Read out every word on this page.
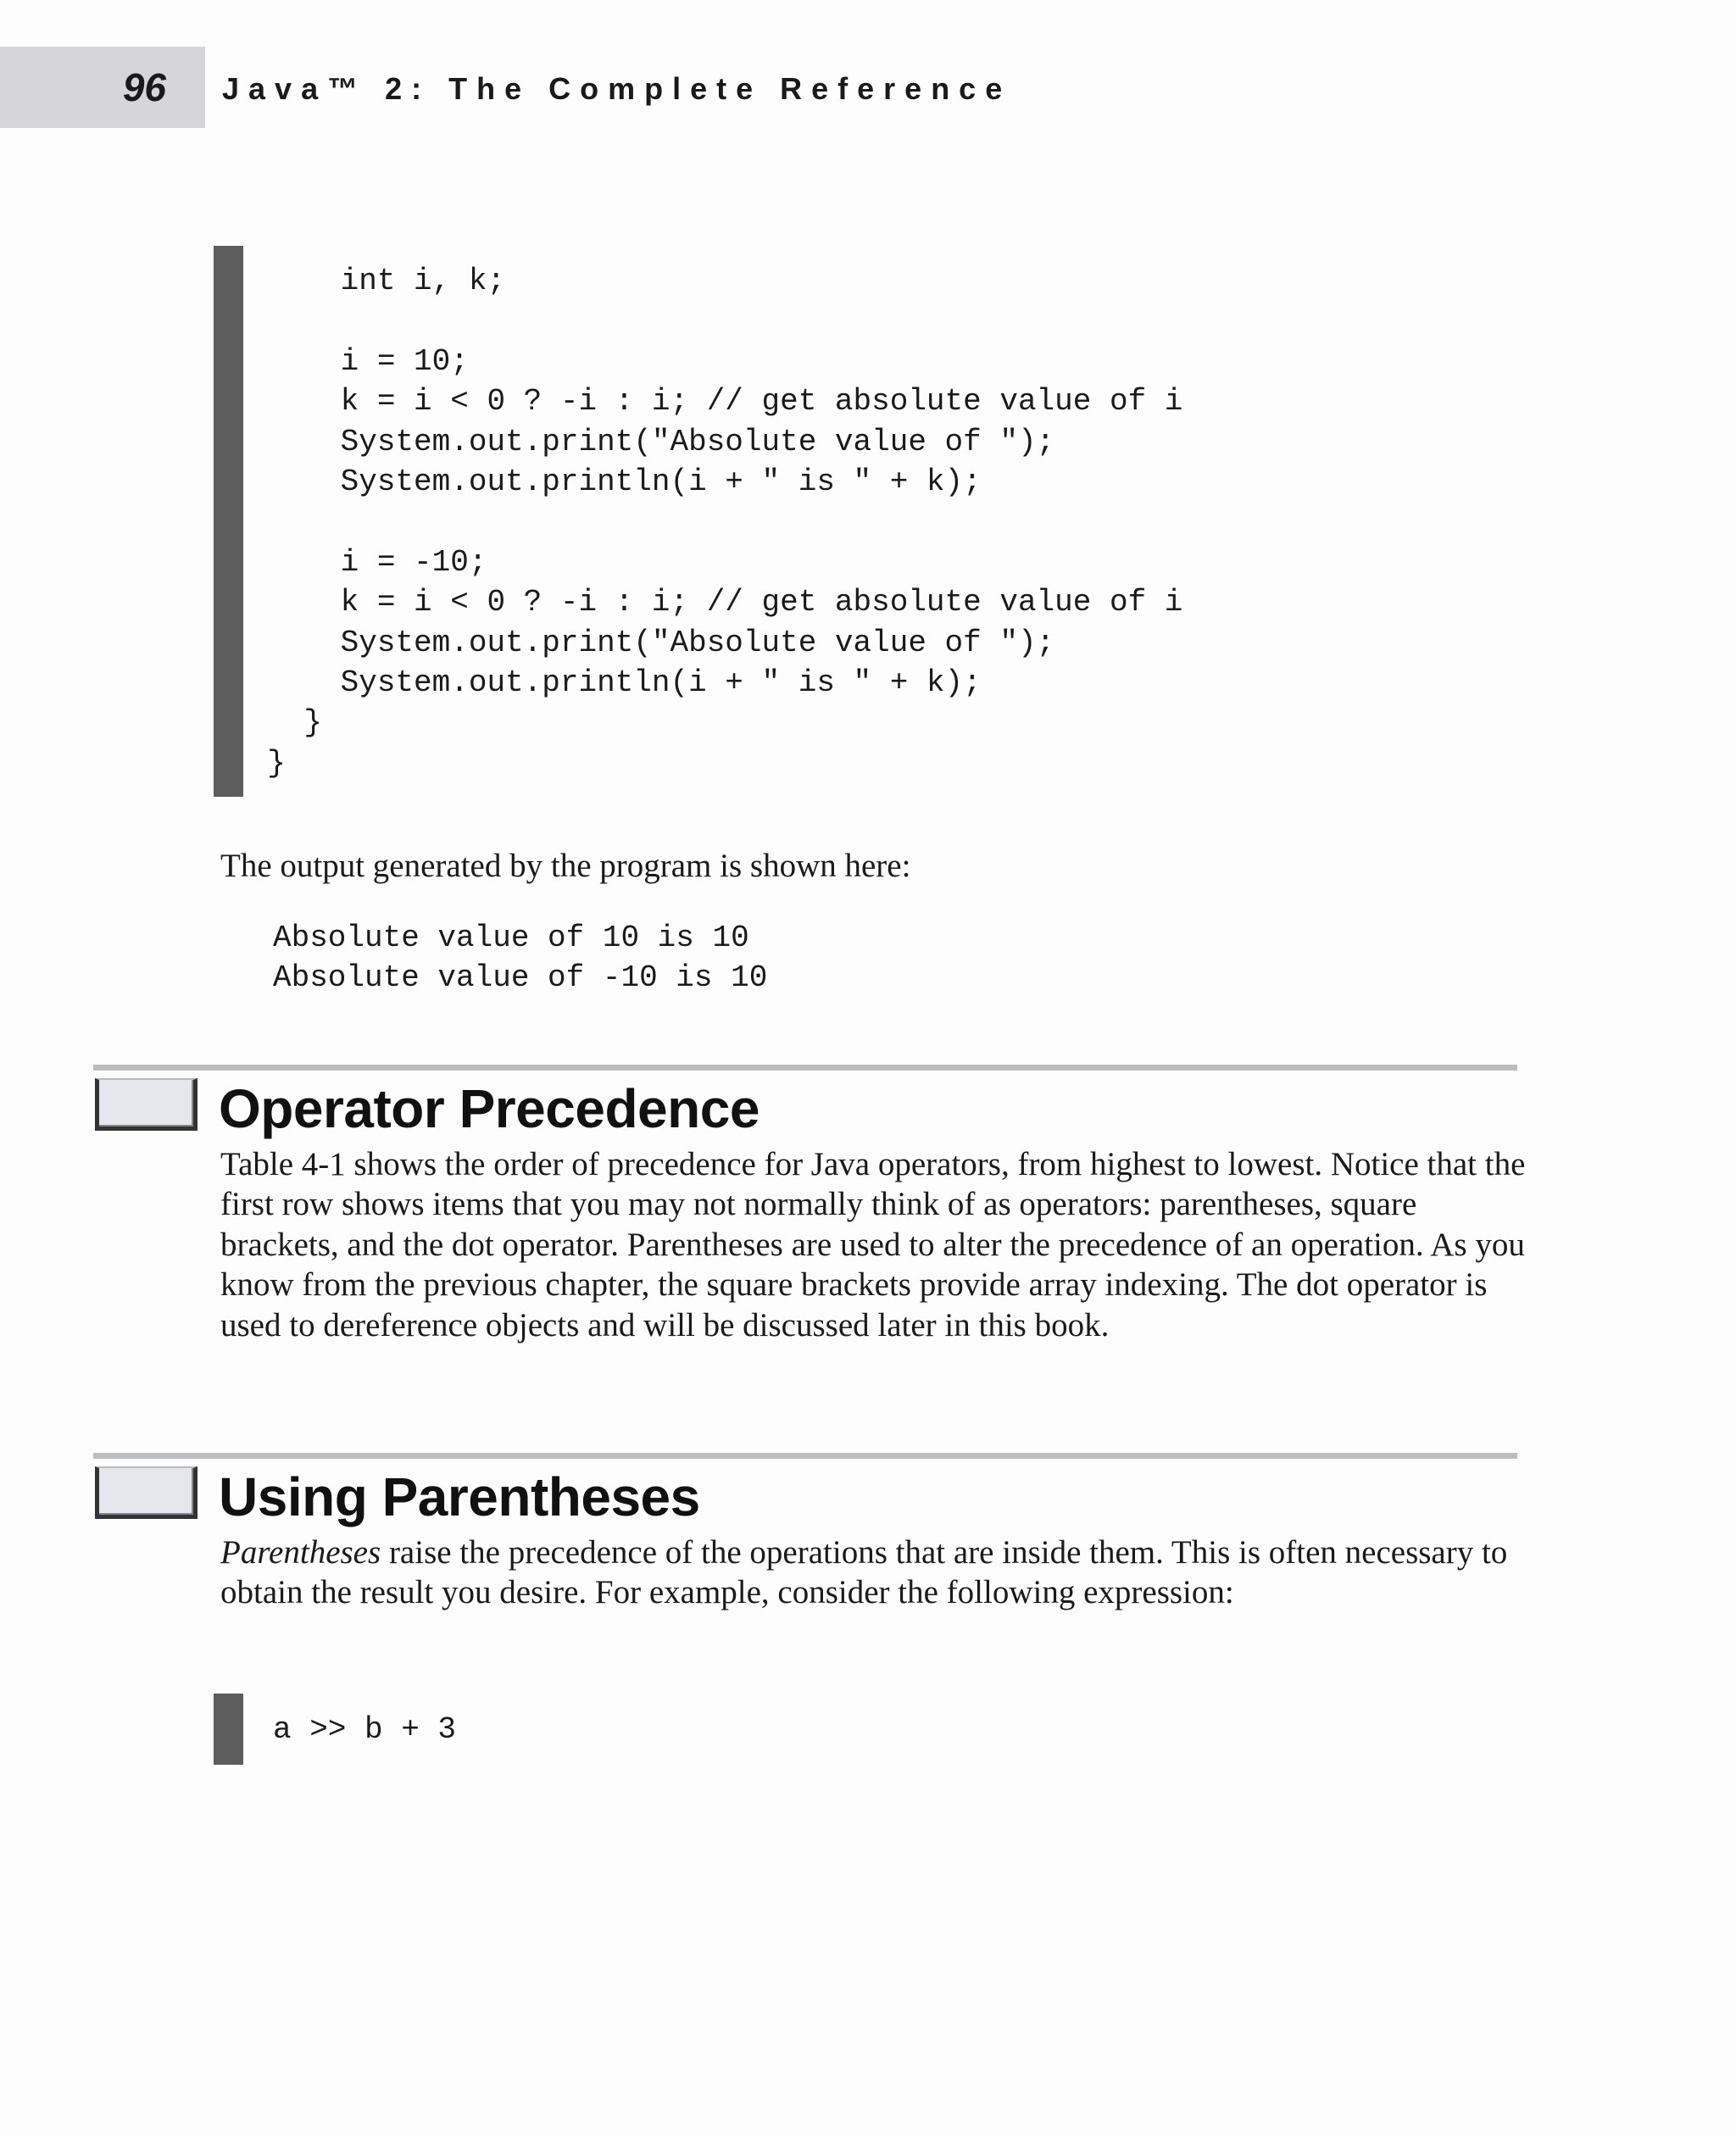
96	Java™ 2: The Complete Reference
int i, k;

i = 10;
k = i < 0 ? -i : i; // get absolute value of i
System.out.print("Absolute value of ");
System.out.println(i + " is " + k);

i = -10;
k = i < 0 ? -i : i; // get absolute value of i
System.out.print("Absolute value of ");
System.out.println(i + " is " + k);
}
}
The output generated by the program is shown here:
Absolute value of 10 is 10
Absolute value of -10 is 10
Operator Precedence
Table 4-1 shows the order of precedence for Java operators, from highest to lowest. Notice that the first row shows items that you may not normally think of as operators: parentheses, square brackets, and the dot operator. Parentheses are used to alter the precedence of an operation. As you know from the previous chapter, the square brackets provide array indexing. The dot operator is used to dereference objects and will be discussed later in this book.
Using Parentheses
Parentheses raise the precedence of the operations that are inside them. This is often necessary to obtain the result you desire. For example, consider the following expression:
a >> b + 3
